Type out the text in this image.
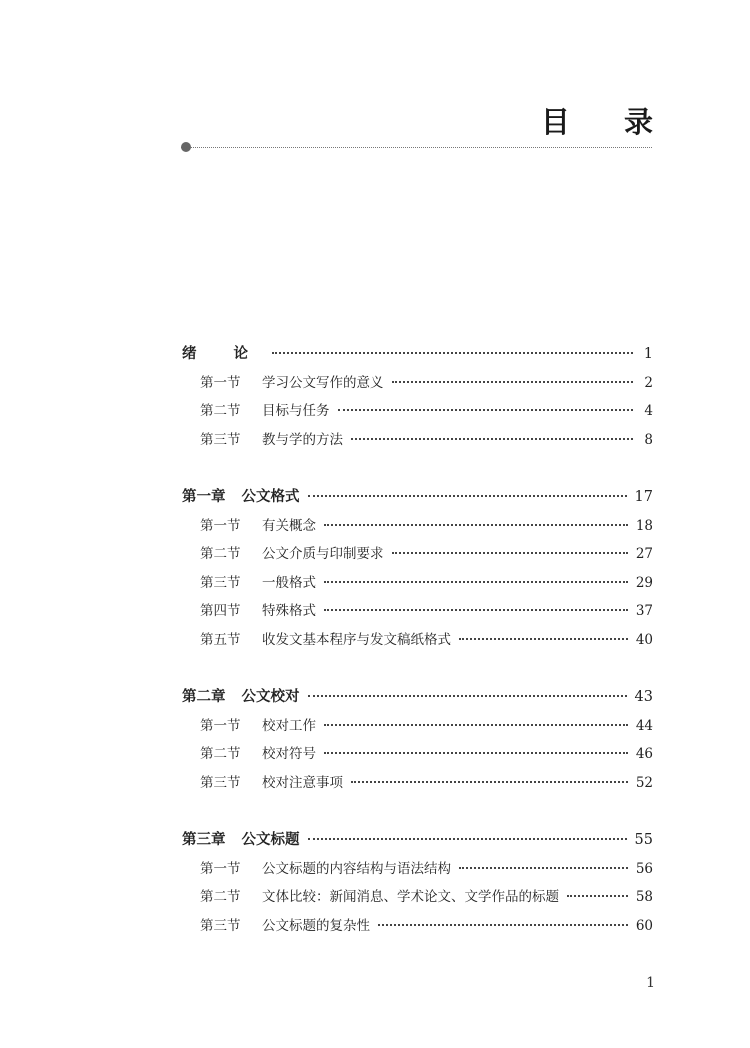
目 录
绪 论	1
第一节	学习公文写作的意义	2
第二节	目标与任务	4
第三节	教与学的方法	8
第一章 公文格式	17
第一节	有关概念	18
第二节	公文介质与印制要求	27
第三节	一般格式	29
第四节	特殊格式	37
第五节	收发文基本程序与发文稿纸格式	40
第二章 公文校对	43
第一节	校对工作	44
第二节	校对符号	46
第三节	校对注意事项	52
第三章 公文标题	55
第一节	公文标题的内容结构与语法结构	56
第二节	文体比较：新闻消息、学术论文、文学作品的标题	58
第三节	公文标题的复杂性	60
1
